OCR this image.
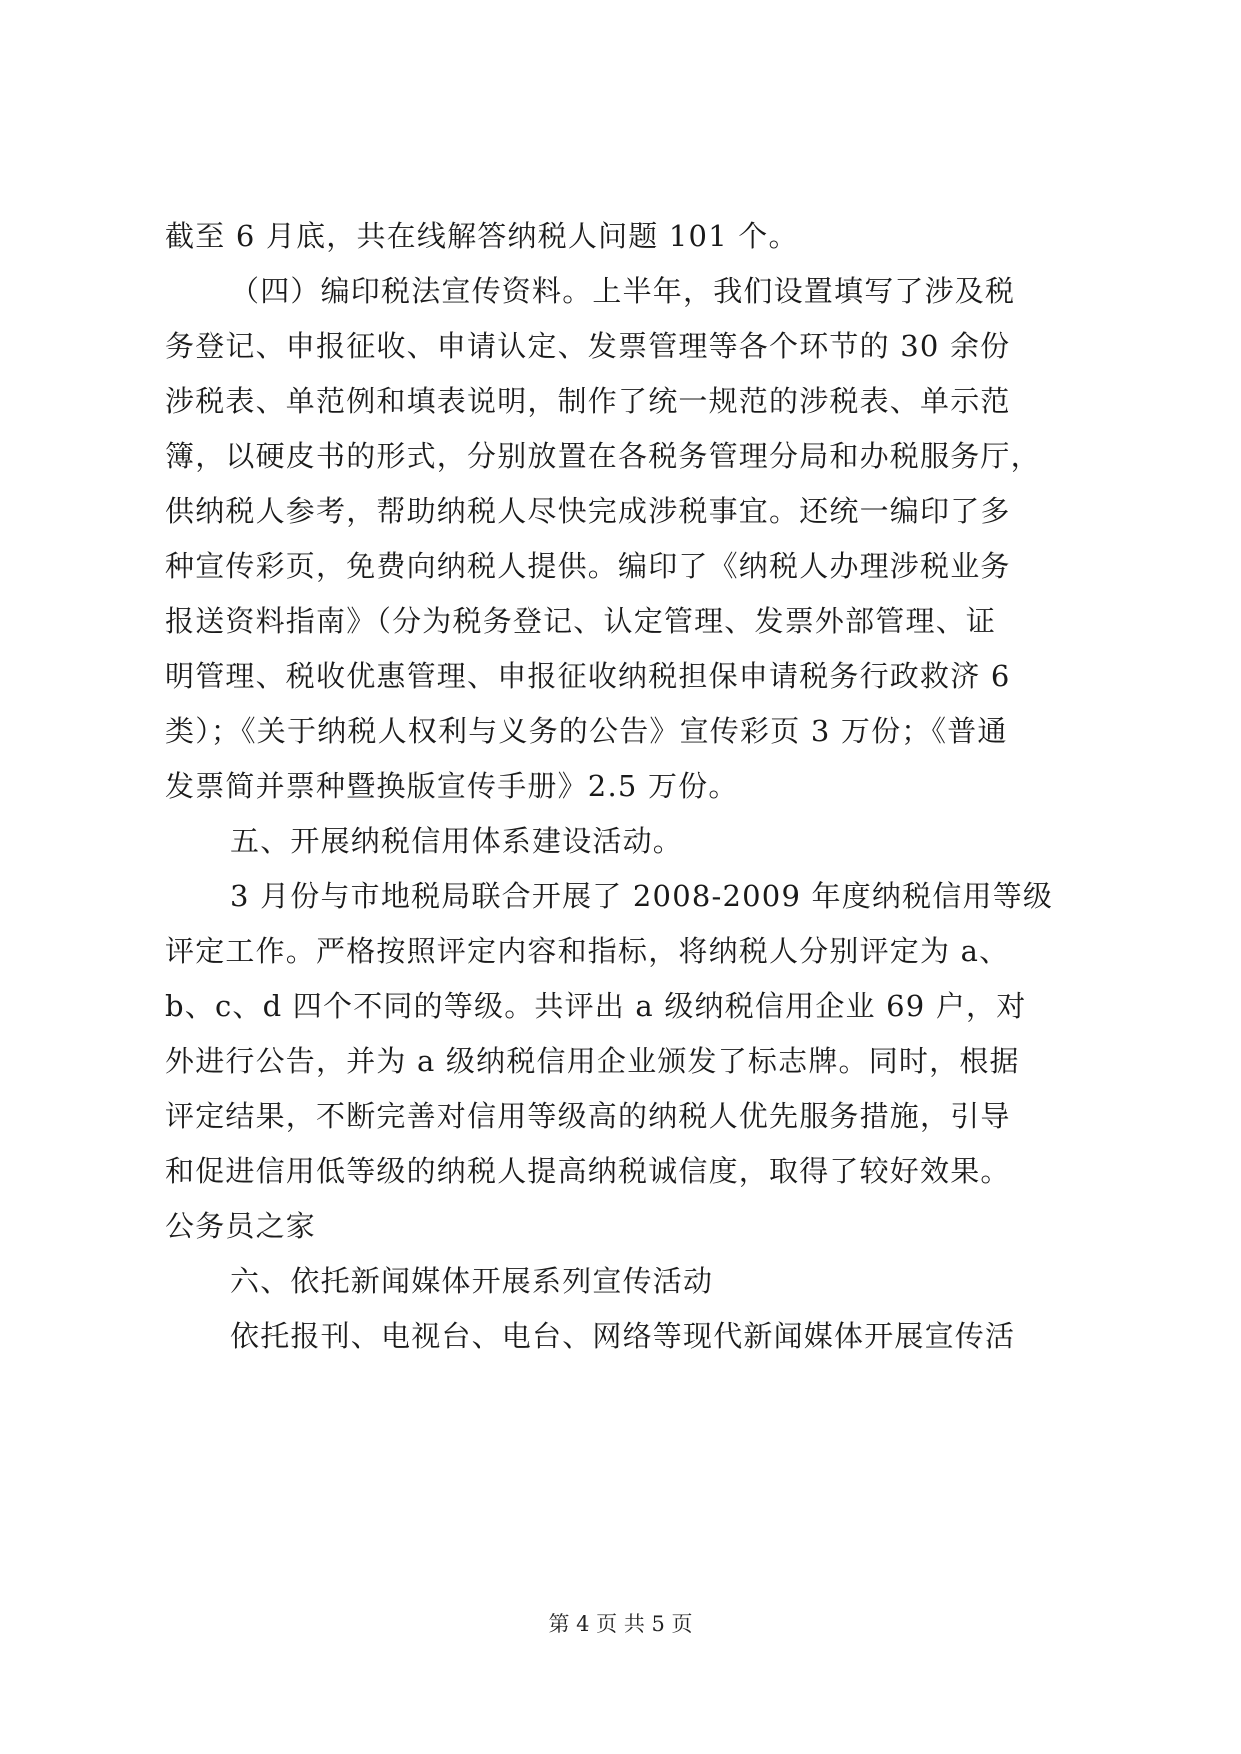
截至 6 月底，共在线解答纳税人问题 101 个。
（四）编印税法宣传资料。上半年，我们设置填写了涉及税
务登记、申报征收、申请认定、发票管理等各个环节的 30 余份
涉税表、单范例和填表说明，制作了统一规范的涉税表、单示范
簿，以硬皮书的形式，分别放置在各税务管理分局和办税服务厅，
供纳税人参考，帮助纳税人尽快完成涉税事宜。还统一编印了多
种宣传彩页，免费向纳税人提供。编印了《纳税人办理涉税业务
报送资料指南》（分为税务登记、认定管理、发票外部管理、证
明管理、税收优惠管理、申报征收纳税担保申请税务行政救济 6
类）；《关于纳税人权利与义务的公告》宣传彩页 3 万份；《普通
发票简并票种暨换版宣传手册》2.5 万份。
五、开展纳税信用体系建设活动。
3 月份与市地税局联合开展了 2008-2009 年度纳税信用等级
评定工作。严格按照评定内容和指标，将纳税人分别评定为 a、
b、c、d 四个不同的等级。共评出 a 级纳税信用企业 69 户，对
外进行公告，并为 a 级纳税信用企业颁发了标志牌。同时，根据
评定结果，不断完善对信用等级高的纳税人优先服务措施，引导
和促进信用低等级的纳税人提高纳税诚信度，取得了较好效果。
公务员之家
六、依托新闻媒体开展系列宣传活动
依托报刊、电视台、电台、网络等现代新闻媒体开展宣传活
第 4 页 共 5 页
